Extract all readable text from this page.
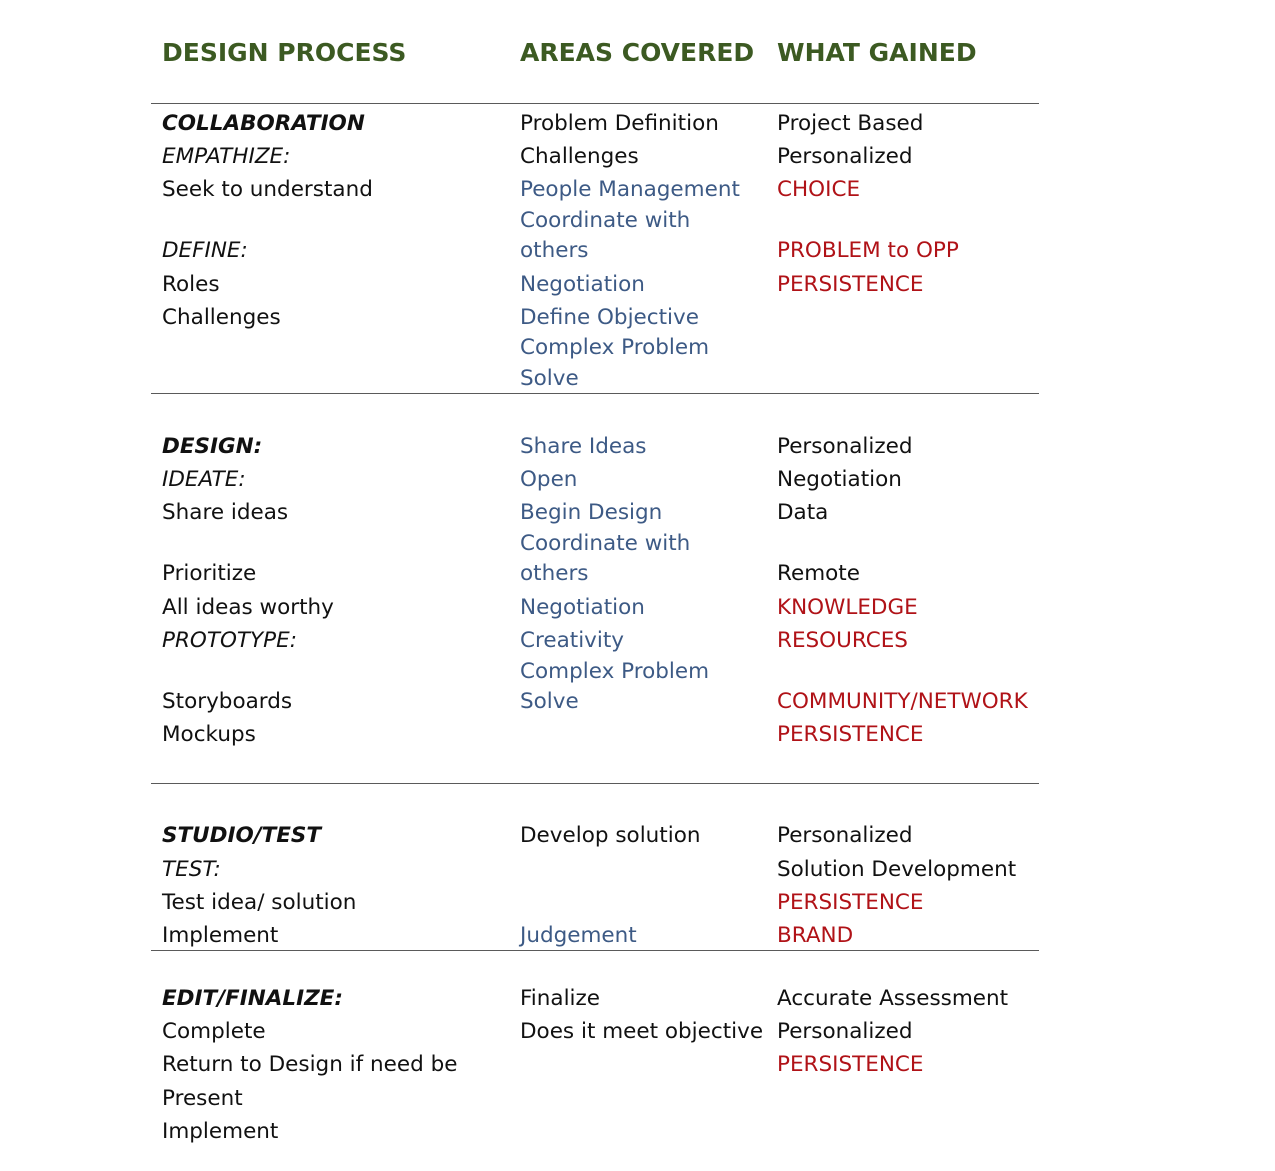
DESIGN PROCESS	AREAS COVERED WHAT GAINED
COLLABORATION
EMPATHIZE:
Seek to understand
DEFINE:
Roles
Challenges
Problem Definition
Challenges
People Management
Coordinate with
others
Negotiation
Define Objective
Complex Problem
Solve
Project Based
Personalized
CHOICE
PROBLEM to OPP
PERSISTENCE
DESIGN:
IDEATE:
Share ideas
Prioritize
All ideas worthy
PROTOTYPE:
Storyboards
Mockups
Share Ideas
Open
Begin Design
Coordinate with
others
Negotiation
Creativity
Complex Problem
Solve
Personalized
Negotiation
Data
Remote
KNOWLEDGE
RESOURCES
COMMUNITY/NETWORK
PERSISTENCE
STUDIO/TEST
TEST:
Test idea/ solution
Implement
Develop solution
Judgement
Personalized
Solution Development
PERSISTENCE
BRAND
EDIT/FINALIZE:
Complete
Return to Design if need be
Present
Implement
Finalize
Does it meet objective
Accurate Assessment
Personalized
PERSISTENCE
